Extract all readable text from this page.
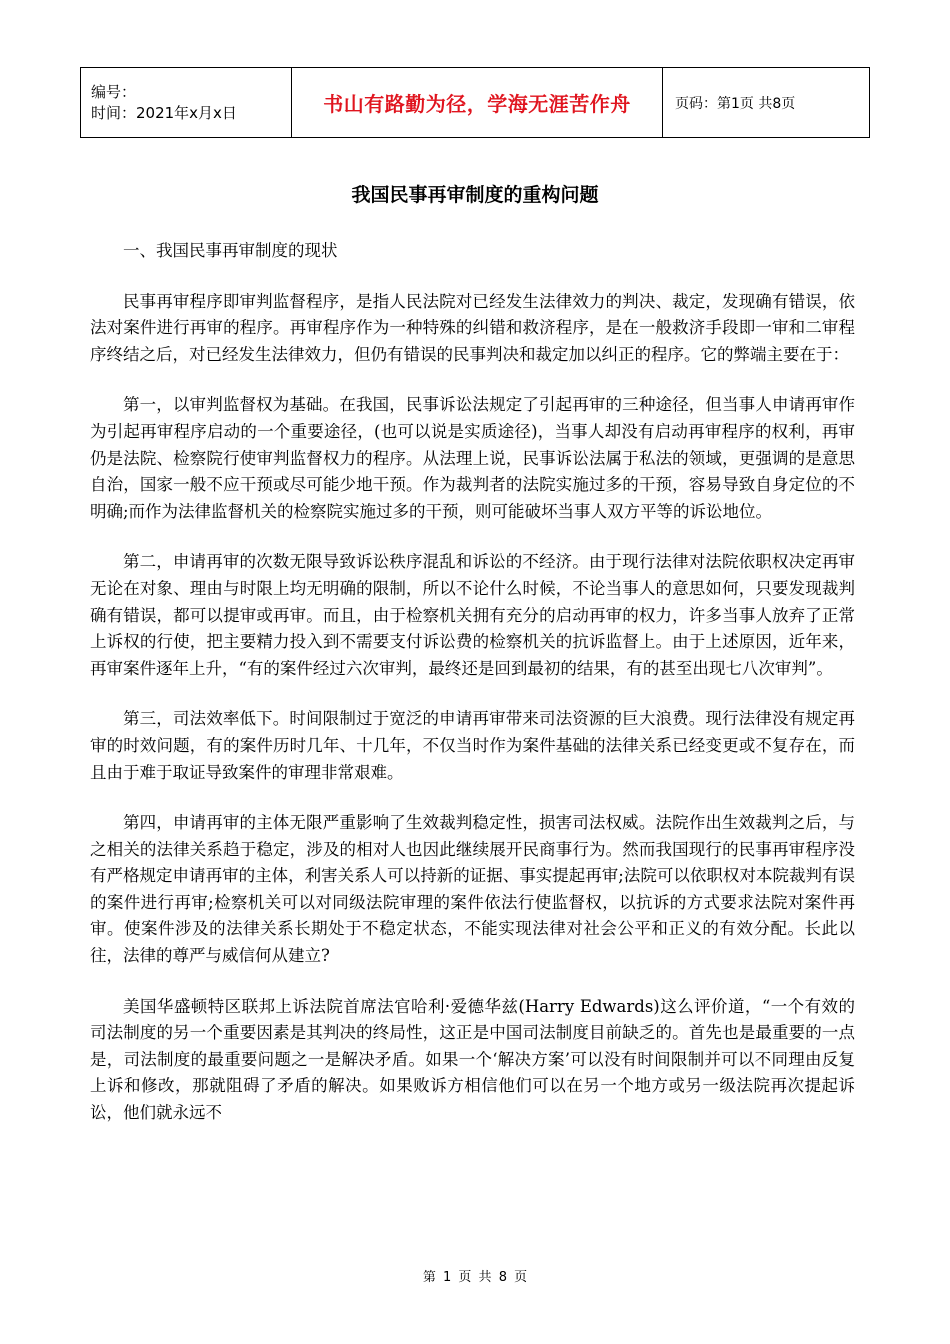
编号：
时间：2021年x月x日	书山有路勤为径，学海无涯苦作舟	页码：第1页 共8页
我国民事再审制度的重构问题

一、我国民事再审制度的现状

民事再审程序即审判监督程序，是指人民法院对已经发生法律效力的判决、裁定，发现确有错误，依法对案件进行再审的程序。再审程序作为一种特殊的纠错和救济程序，是在一般救济手段即一审和二审程序终结之后，对已经发生法律效力，但仍有错误的民事判决和裁定加以纠正的程序。它的弊端主要在于：

第一，以审判监督权为基础。在我国，民事诉讼法规定了引起再审的三种途径，但当事人申请再审作为引起再审程序启动的一个重要途径，(也可以说是实质途径)，当事人却没有启动再审程序的权利，再审仍是法院、检察院行使审判监督权力的程序。从法理上说，民事诉讼法属于私法的领域，更强调的是意思自治，国家一般不应干预或尽可能少地干预。作为裁判者的法院实施过多的干预，容易导致自身定位的不明确;而作为法律监督机关的检察院实施过多的干预，则可能破坏当事人双方平等的诉讼地位。

第二，申请再审的次数无限导致诉讼秩序混乱和诉讼的不经济。由于现行法律对法院依职权决定再审无论在对象、理由与时限上均无明确的限制，所以不论什么时候，不论当事人的意思如何，只要发现裁判确有错误，都可以提审或再审。而且，由于检察机关拥有充分的启动再审的权力，许多当事人放弃了正常上诉权的行使，把主要精力投入到不需要支付诉讼费的检察机关的抗诉监督上。由于上述原因，近年来，再审案件逐年上升，“有的案件经过六次审判，最终还是回到最初的结果，有的甚至出现七八次审判”。

第三，司法效率低下。时间限制过于宽泛的申请再审带来司法资源的巨大浪费。现行法律没有规定再审的时效问题，有的案件历时几年、十几年，不仅当时作为案件基础的法律关系已经变更或不复存在，而且由于难于取证导致案件的审理非常艰难。

第四，申请再审的主体无限严重影响了生效裁判稳定性，损害司法权威。法院作出生效裁判之后，与之相关的法律关系趋于稳定，涉及的相对人也因此继续展开民商事行为。然而我国现行的民事再审程序没有严格规定申请再审的主体，利害关系人可以持新的证据、事实提起再审;法院可以依职权对本院裁判有误的案件进行再审;检察机关可以对同级法院审理的案件依法行使监督权，以抗诉的方式要求法院对案件再审。使案件涉及的法律关系长期处于不稳定状态，不能实现法律对社会公平和正义的有效分配。长此以往，法律的尊严与威信何从建立?

美国华盛顿特区联邦上诉法院首席法官哈利·爱德华兹(Harry Edwards)这么评价道，“一个有效的司法制度的另一个重要因素是其判决的终局性，这正是中国司法制度目前缺乏的。首先也是最重要的一点是，司法制度的最重要问题之一是解决矛盾。如果一个‘解决方案’可以没有时间限制并可以不同理由反复上诉和修改，那就阻碍了矛盾的解决。如果败诉方相信他们可以在另一个地方或另一级法院再次提起诉讼，他们就永远不

第 1 页 共 8 页
